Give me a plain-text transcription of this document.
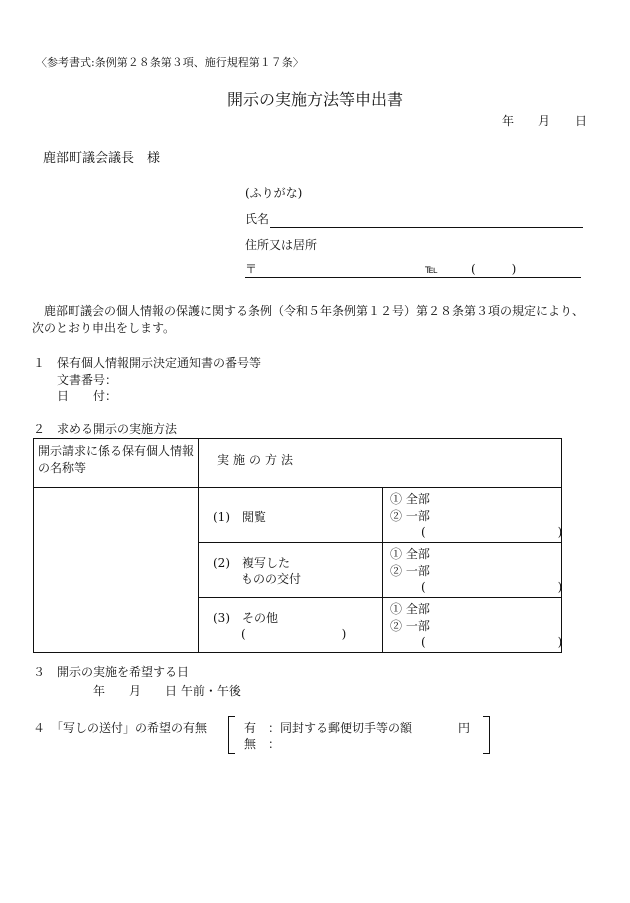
〈参考書式:条例第２８条第３項、施行規程第１７条〉
開示の実施方法等申出書
年 月 日
鹿部町議会議長　様
(ふりがな)
氏名
住所又は居所
〒	℡	(　　　)
鹿部町議会の個人情報の保護に関する条例（令和５年条例第１２号）第２８条第３項の規定により、
次のとおり申出をします。
１　保有個人情報開示決定通知書の番号等
文書番号：
日　　付：
２　求める開示の実施方法
開示請求に係る保有個人情報の名称等	実施の方法	

	(1)　閲覧	① 全部
② 一部
(　　　　　　　　　　　)

	(2)　複写した
ものの交付	① 全部
② 一部
(　　　　　　　　　　　)

	(3)　その他
(　　　　　　　　)	① 全部
② 一部
(　　　　　　　　　　　)
３　開示の実施を希望する日
年　　月　　日 午前・午後
４　「写しの送付」の希望の有無	有　：同封する郵便切手等の額	円
無　：
